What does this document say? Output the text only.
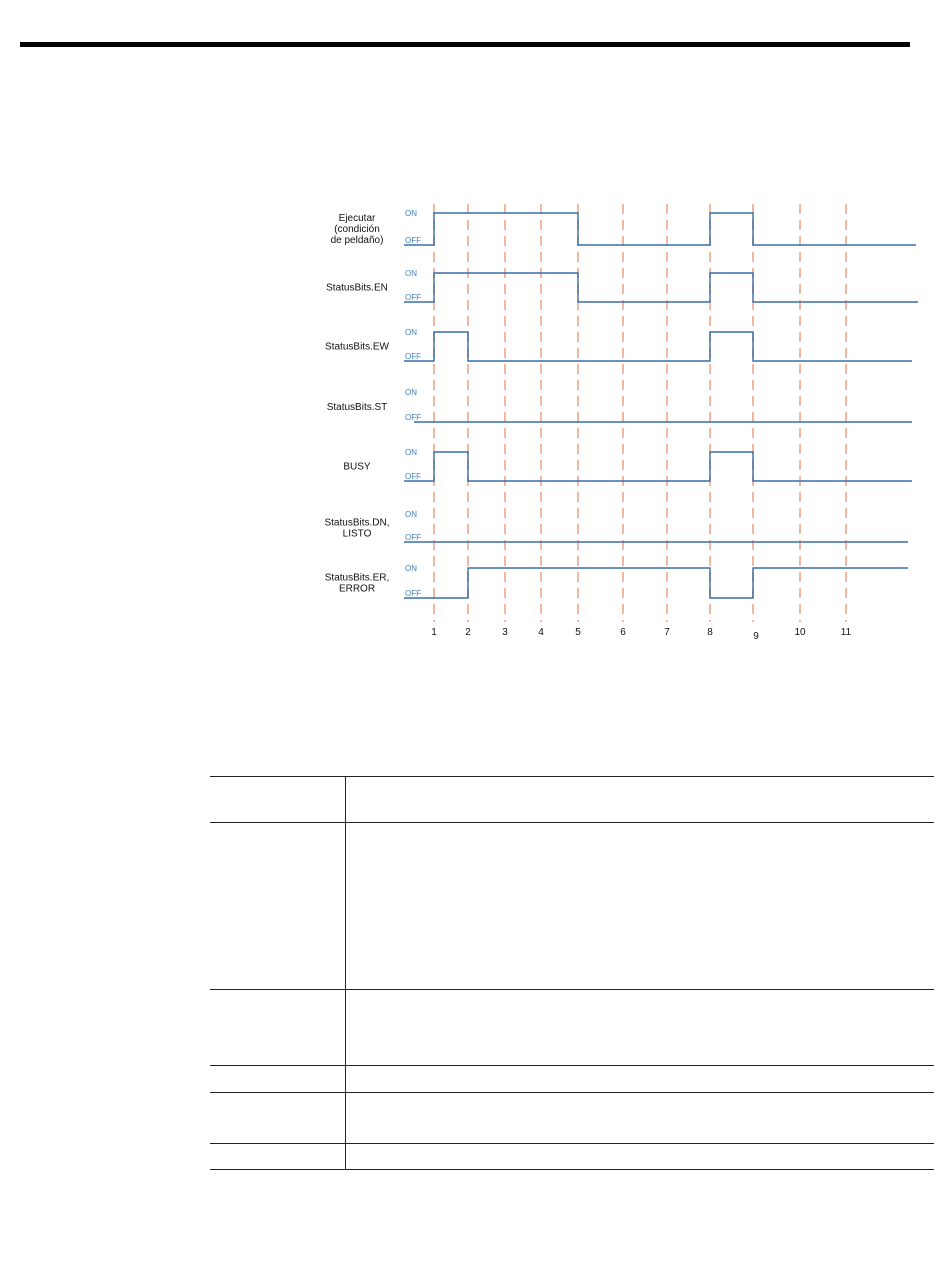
1	2	3	4	5	6	7	8	9	10	11
Ejecutar (condición de peldaño)
ON
OFF
StatusBits.EN
ON
OFF
StatusBits.EW
ON
OFF
StatusBits.ST
ON
OFF
BUSY
ON
OFF
StatusBits.DN, LISTO
ON
OFF
StatusBits.ER, ERROR
ON
OFF
